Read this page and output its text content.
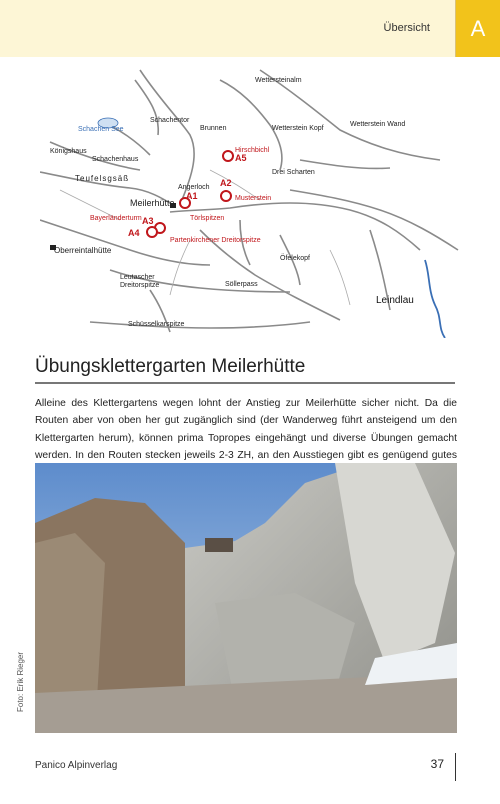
Übersicht	A
Wettersteinalm
Schachentor
Brunnen
Hirschbichl
Wetterstein Kopf
Wetterstein Wand
Schachen See
Königshaus
Schachenhaus
Teufelsgsäß
Drei Scharten
Angerloch
Musterstein
Meilerhütte
Törlspitzen
Bayerländerturm
Partenkirchener Dreitorspitze
Oberreintalhütte
Öfelekopf
Leutascher
Dreitorspitze	Söllerpass
Leindlau
Schüsselkarspitze
A5
A2
A1
A3
A4
Übungsklettergarten Meilerhütte
Alleine des Klettergartens wegen lohnt der Anstieg zur Meilerhütte sicher nicht. Da die Routen aber von oben her gut zugänglich sind (der Wanderweg führt ansteigend um den Klettergarten herum), können prima Topropes eingehängt und diverse Übungen gemacht werden. In den Routen stecken jeweils 2-3 ZH, an den Ausstiegen gibt es genügend gutes
Foto: Erik Rieger
Panico Alpinverlag	37
